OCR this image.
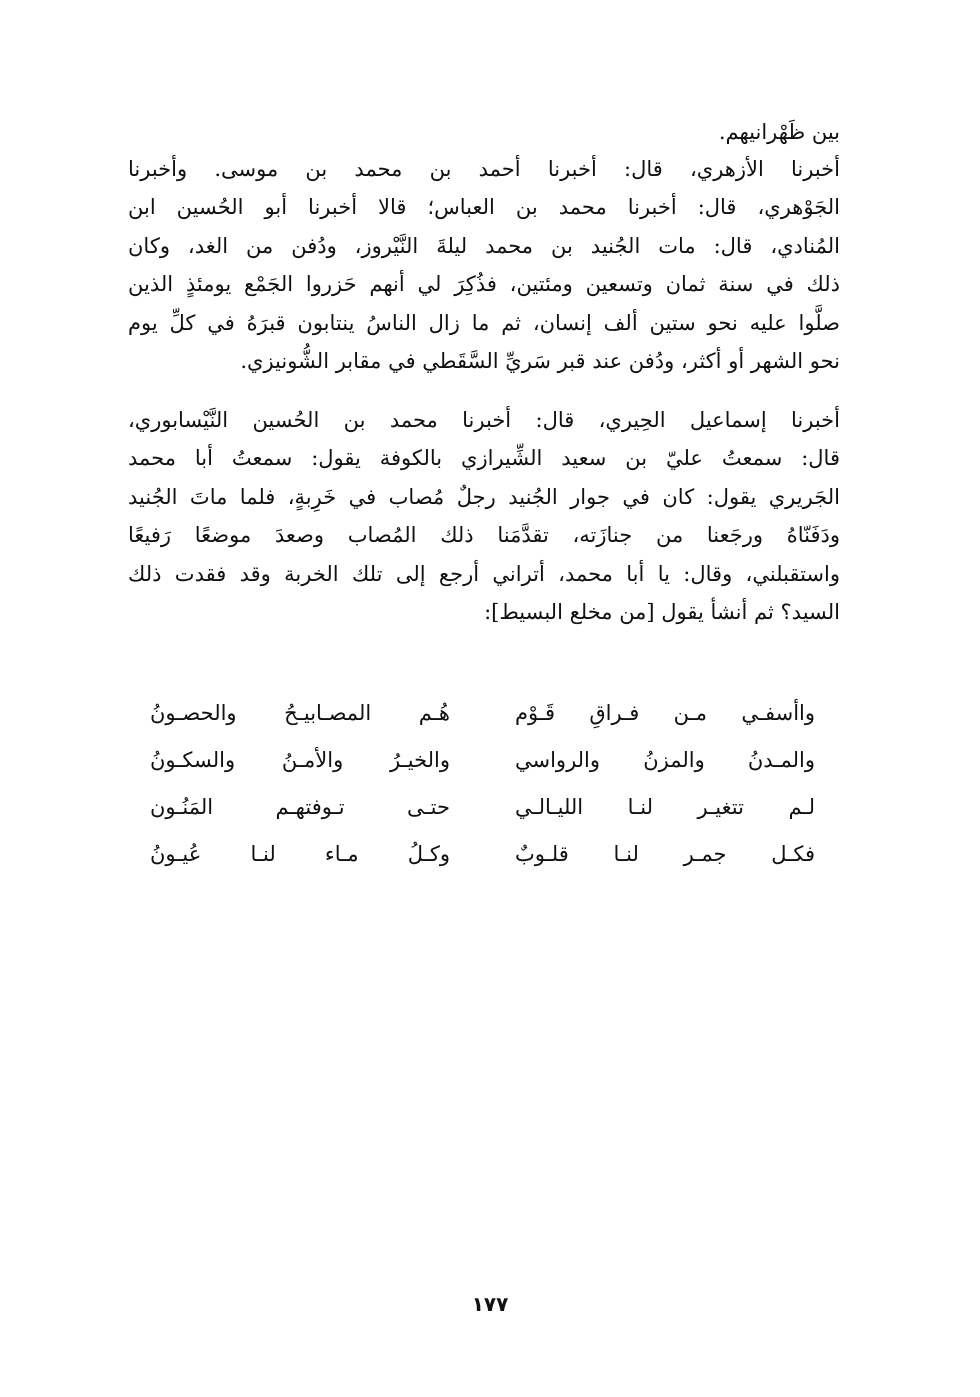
بين ظَهْرانيهم.
أخبرنا الأزهري، قال: أخبرنا أحمد بن محمد بن موسى. وأخبرنا
الجَوْهري، قال: أخبرنا محمد بن العباس؛ قالا أخبرنا أبو الحُسين ابن
المُنادي، قال: مات الجُنيد بن محمد ليلةَ النَّيْروز، ودُفن من الغد، وكان
ذلك في سنة ثمان وتسعين ومئتين، فذُكِرَ لي أنهم حَزروا الجَمْع يومئذٍ الذين
صلَّوا عليه نحو ستين ألف إنسان، ثم ما زال الناسُ ينتابون قبرَهُ في كلِّ يوم
نحو الشهر أو أكثر، ودُفن عند قبر سَريِّ السَّقَطي في مقابر الشُّونيزي.
أخبرنا إسماعيل الحِيري، قال: أخبرنا محمد بن الحُسين النَّيْسابوري،
قال: سمعتُ عليّ بن سعيد الشِّيرازي بالكوفة يقول: سمعتُ أبا محمد
الجَريري يقول: كان في جوار الجُنيد رجلٌ مُصاب في خَرِبةٍ، فلما ماتَ الجُنيد
ودَفَنّاهُ ورجَعنا من جنازَته، تقدَّمَنا ذلك المُصاب وصعدَ موضعًا رَفيعًا
واستقبلني، وقال: يا أبا محمد، أتراني أرجع إلى تلك الخربة وقد فقدت ذلك
السيد؟ ثم أنشأ يقول [من مخلع البسيط]:
واأسفـي مـن فـراقِ قَـوْم
هُـم المصـابيـحُ والحصـونُ
والمـدنُ والمزنُ والرواسي
والخيـرُ والأمـنُ والسكـونُ
لـم تتغيـر لنـا الليـالـي
حتـى تـوفتهـم المَنُـون
فكـل جمـر لنـا قلـوبٌ
وكـلُ مـاء لنـا عُيـونُ
١٧٧
